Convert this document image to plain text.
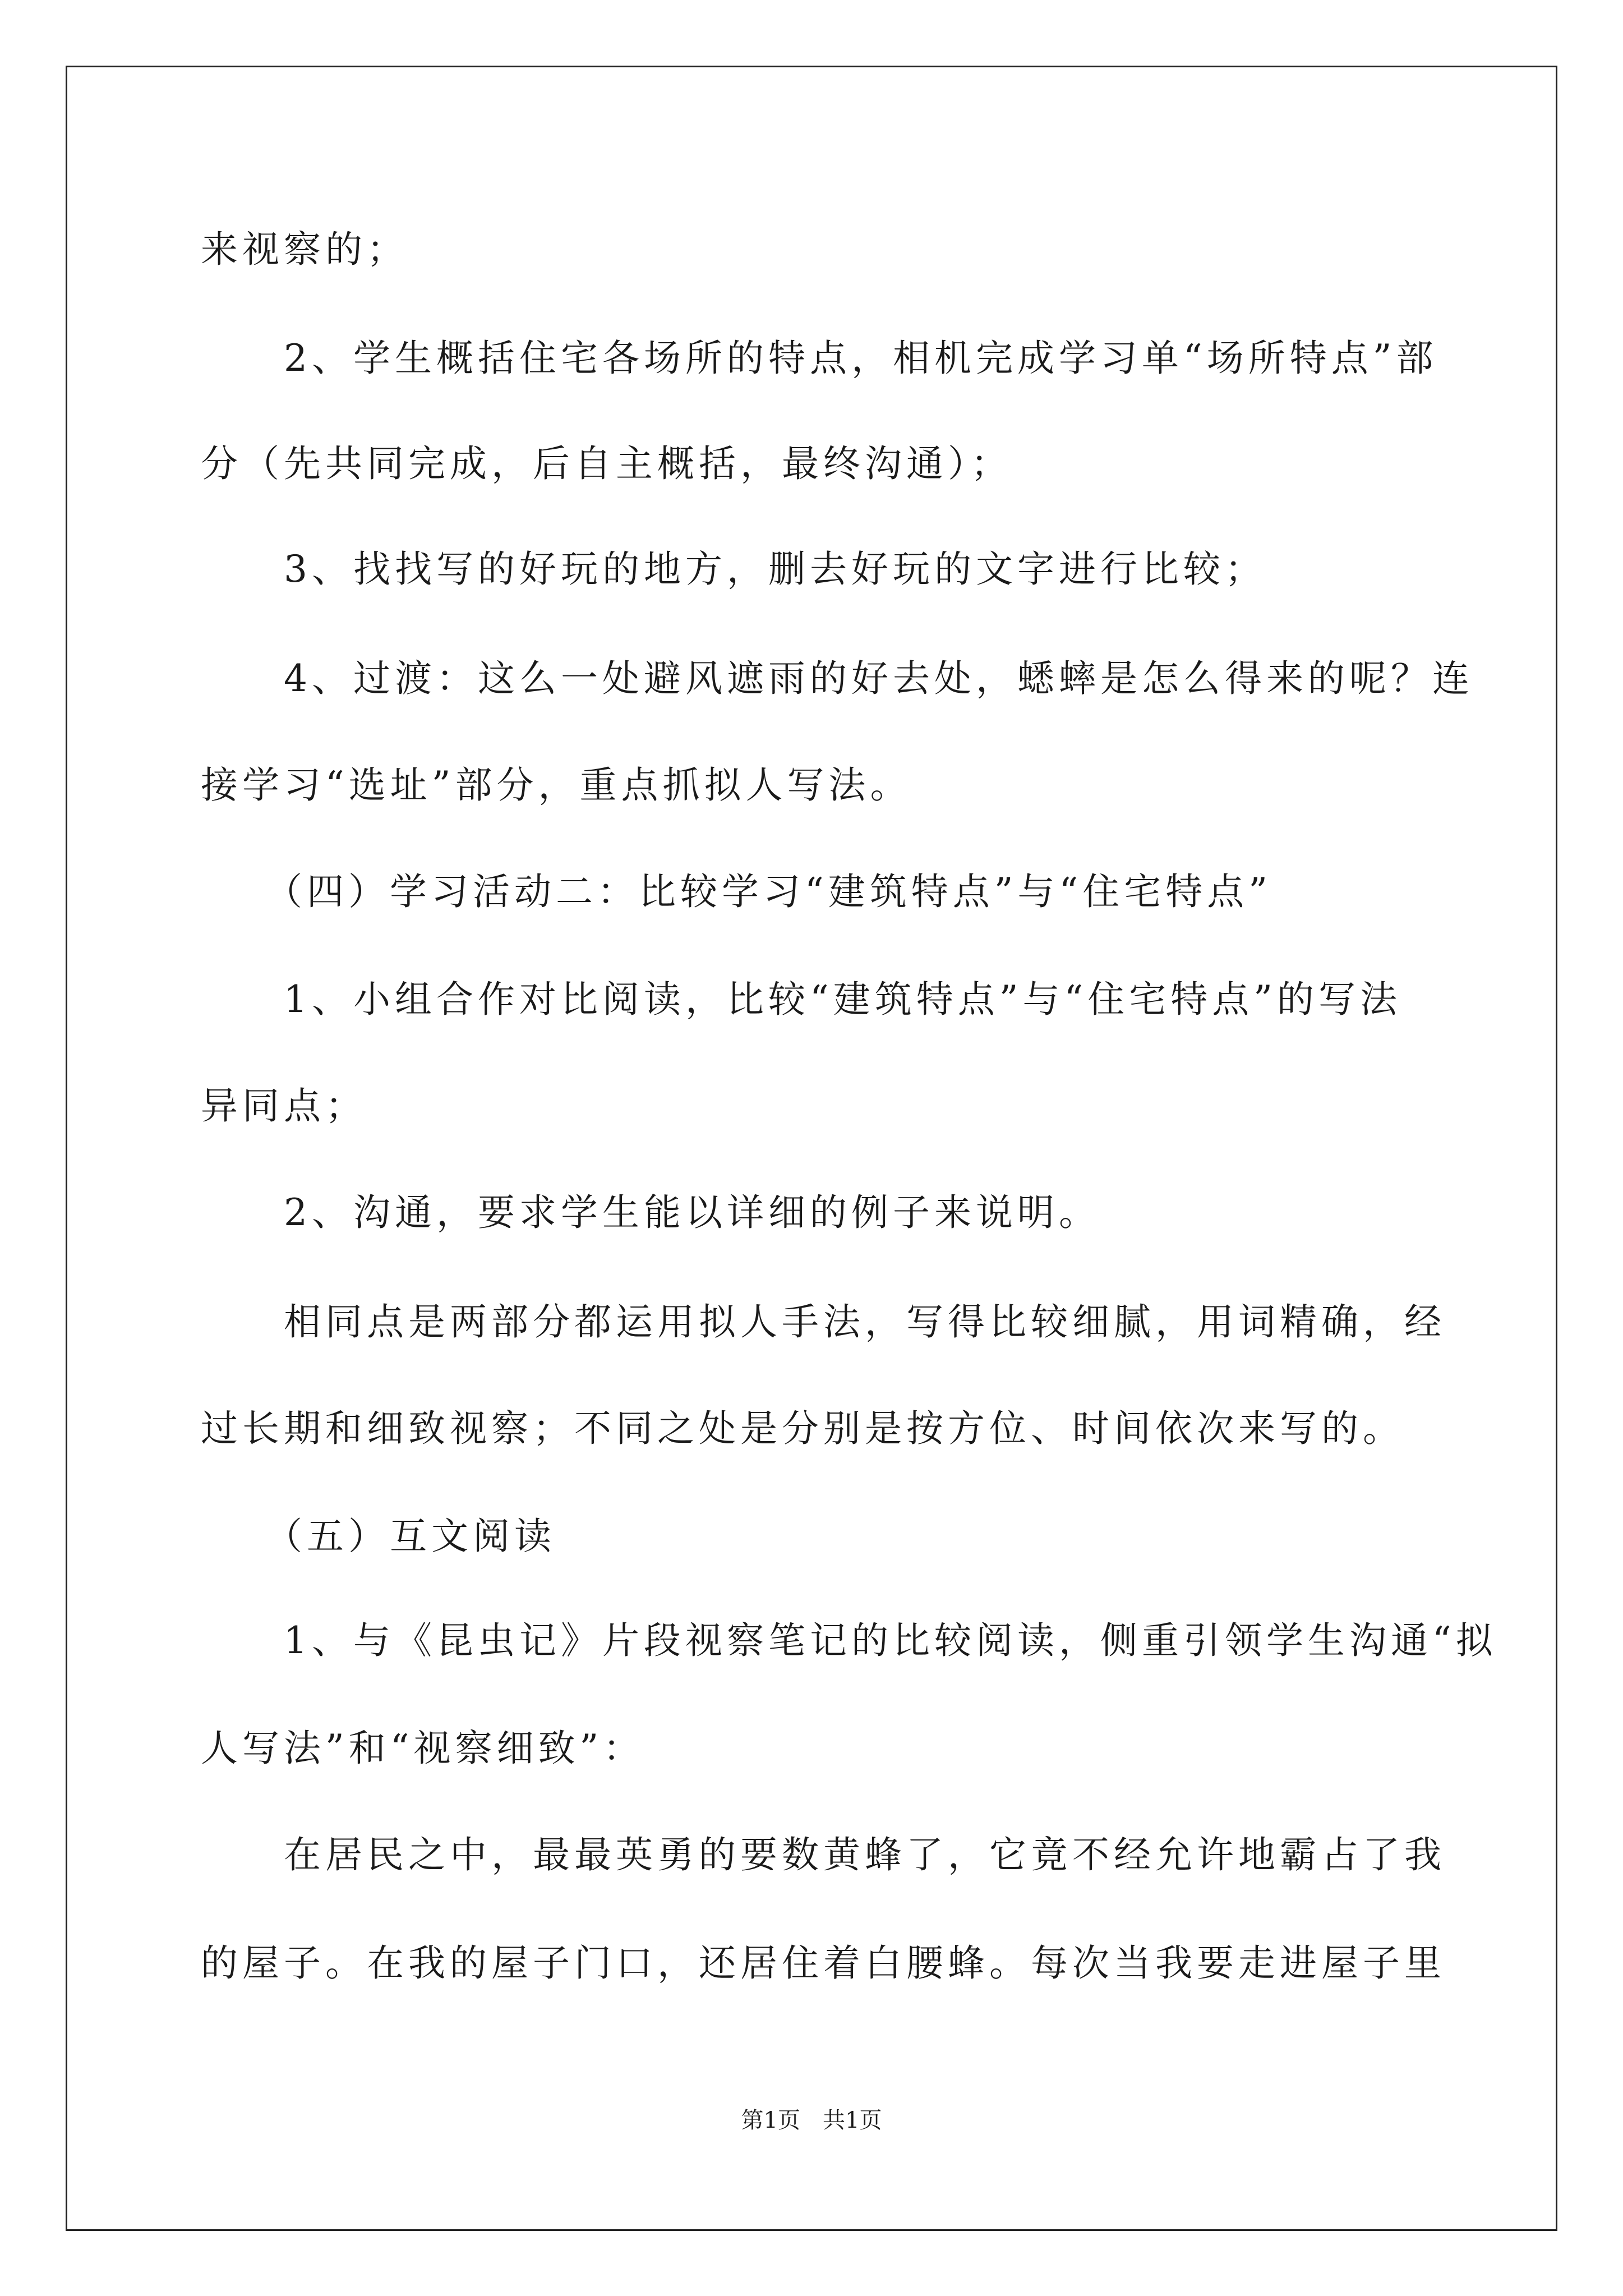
来视察的；
　　2、学生概括住宅各场所的特点，相机完成学习单“场所特点”部
分（先共同完成，后自主概括，最终沟通）；
　　3、找找写的好玩的地方，删去好玩的文字进行比较；
　　4、过渡：这么一处避风遮雨的好去处，蟋蟀是怎么得来的呢？连
接学习“选址”部分，重点抓拟人写法。
　　（四）学习活动二：比较学习“建筑特点”与“住宅特点”
　　1、小组合作对比阅读，比较“建筑特点”与“住宅特点”的写法
异同点；
　　2、沟通，要求学生能以详细的例子来说明。
　　相同点是两部分都运用拟人手法，写得比较细腻，用词精确，经
过长期和细致视察；不同之处是分别是按方位、时间依次来写的。
　　（五）互文阅读
　　1、与《昆虫记》片段视察笔记的比较阅读，侧重引领学生沟通“拟
人写法”和“视察细致”：
　　在居民之中，最最英勇的要数黄蜂了，它竟不经允许地霸占了我
的屋子。在我的屋子门口，还居住着白腰蜂。每次当我要走进屋子里
第1页　共1页
